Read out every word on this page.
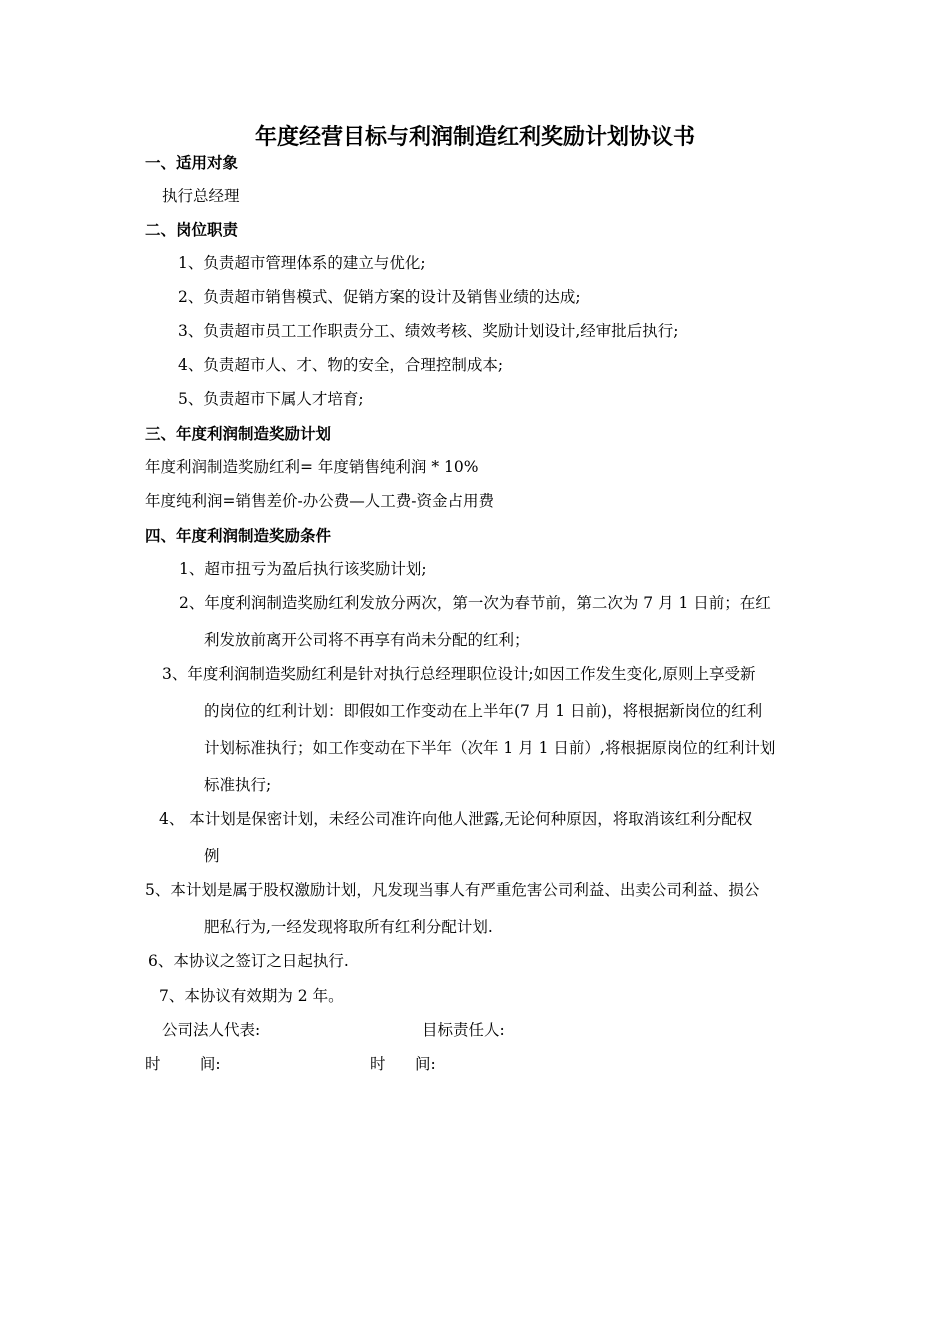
年度经营目标与利润制造红利奖励计划协议书
一、适用对象
执行总经理
二、岗位职责
1、负责超市管理体系的建立与优化;
2、负责超市销售模式、促销方案的设计及销售业绩的达成;
3、负责超市员工工作职责分工、绩效考核、奖励计划设计,经审批后执行;
4、负责超市人、才、物的安全，合理控制成本;
5、负责超市下属人才培育;
三、年度利润制造奖励计划
年度利润制造奖励红利= 年度销售纯利润 * 10%
年度纯利润=销售差价-办公费—人工费-资金占用费
四、年度利润制造奖励条件
1、超市扭亏为盈后执行该奖励计划;
2、年度利润制造奖励红利发放分两次，第一次为春节前，第二次为 7 月 1 日前；在红
利发放前离开公司将不再享有尚未分配的红利；
3、年度利润制造奖励红利是针对执行总经理职位设计;如因工作发生变化,原则上享受新
的岗位的红利计划：即假如工作变动在上半年(7 月 1 日前)，将根据新岗位的红利
计划标准执行；如工作变动在下半年（次年 1 月 1 日前）,将根据原岗位的红利计划
标准执行;
4、 本计划是保密计划，未经公司准许向他人泄露,无论何种原因，将取消该红利分配权
例
5、本计划是属于股权激励计划，凡发现当事人有严重危害公司利益、出卖公司利益、损公
肥私行为,一经发现将取所有红利分配计划.
6、本协议之签订之日起执行.
7、本协议有效期为 2 年。
公司法人代表:	目标责任人:
时        间:	时      间:
